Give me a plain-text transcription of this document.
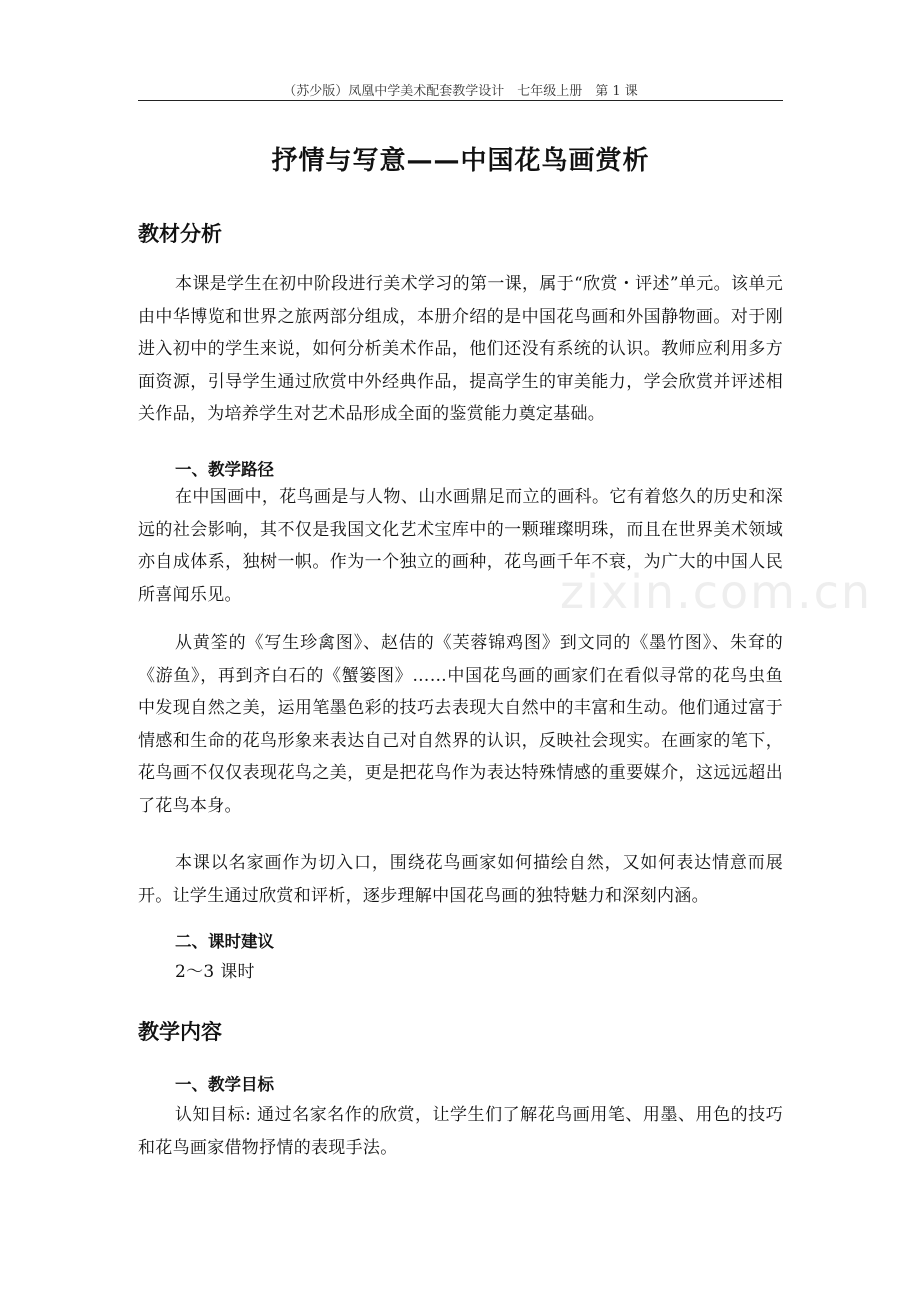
（苏少版）凤凰中学美术配套教学设计　七年级上册　第 1 课
zixin.com.cn
抒情与写意——中国花鸟画赏析
教材分析

本课是学生在初中阶段进行美术学习的第一课，属于“欣赏・评述”单元。该单元由中华博览和世界之旅两部分组成，本册介绍的是中国花鸟画和外国静物画。对于刚进入初中的学生来说，如何分析美术作品，他们还没有系统的认识。教师应利用多方面资源，引导学生通过欣赏中外经典作品，提高学生的审美能力，学会欣赏并评述相关作品，为培养学生对艺术品形成全面的鉴赏能力奠定基础。

一、教学路径

在中国画中，花鸟画是与人物、山水画鼎足而立的画科。它有着悠久的历史和深远的社会影响，其不仅是我国文化艺术宝库中的一颗璀璨明珠，而且在世界美术领域亦自成体系，独树一帜。作为一个独立的画种，花鸟画千年不衰，为广大的中国人民所喜闻乐见。

从黄筌的《写生珍禽图》、赵佶的《芙蓉锦鸡图》到文同的《墨竹图》、朱耷的《游鱼》，再到齐白石的《蟹篓图》……中国花鸟画的画家们在看似寻常的花鸟虫鱼中发现自然之美，运用笔墨色彩的技巧去表现大自然中的丰富和生动。他们通过富于情感和生命的花鸟形象来表达自己对自然界的认识，反映社会现实。在画家的笔下，花鸟画不仅仅表现花鸟之美，更是把花鸟作为表达特殊情感的重要媒介，这远远超出了花鸟本身。

本课以名家画作为切入口，围绕花鸟画家如何描绘自然，又如何表达情意而展开。让学生通过欣赏和评析，逐步理解中国花鸟画的独特魅力和深刻内涵。

二、课时建议

2～3 课时

教学内容
一、教学目标

认知目标: 通过名家名作的欣赏，让学生们了解花鸟画用笔、用墨、用色的技巧和花鸟画家借物抒情的表现手法。
